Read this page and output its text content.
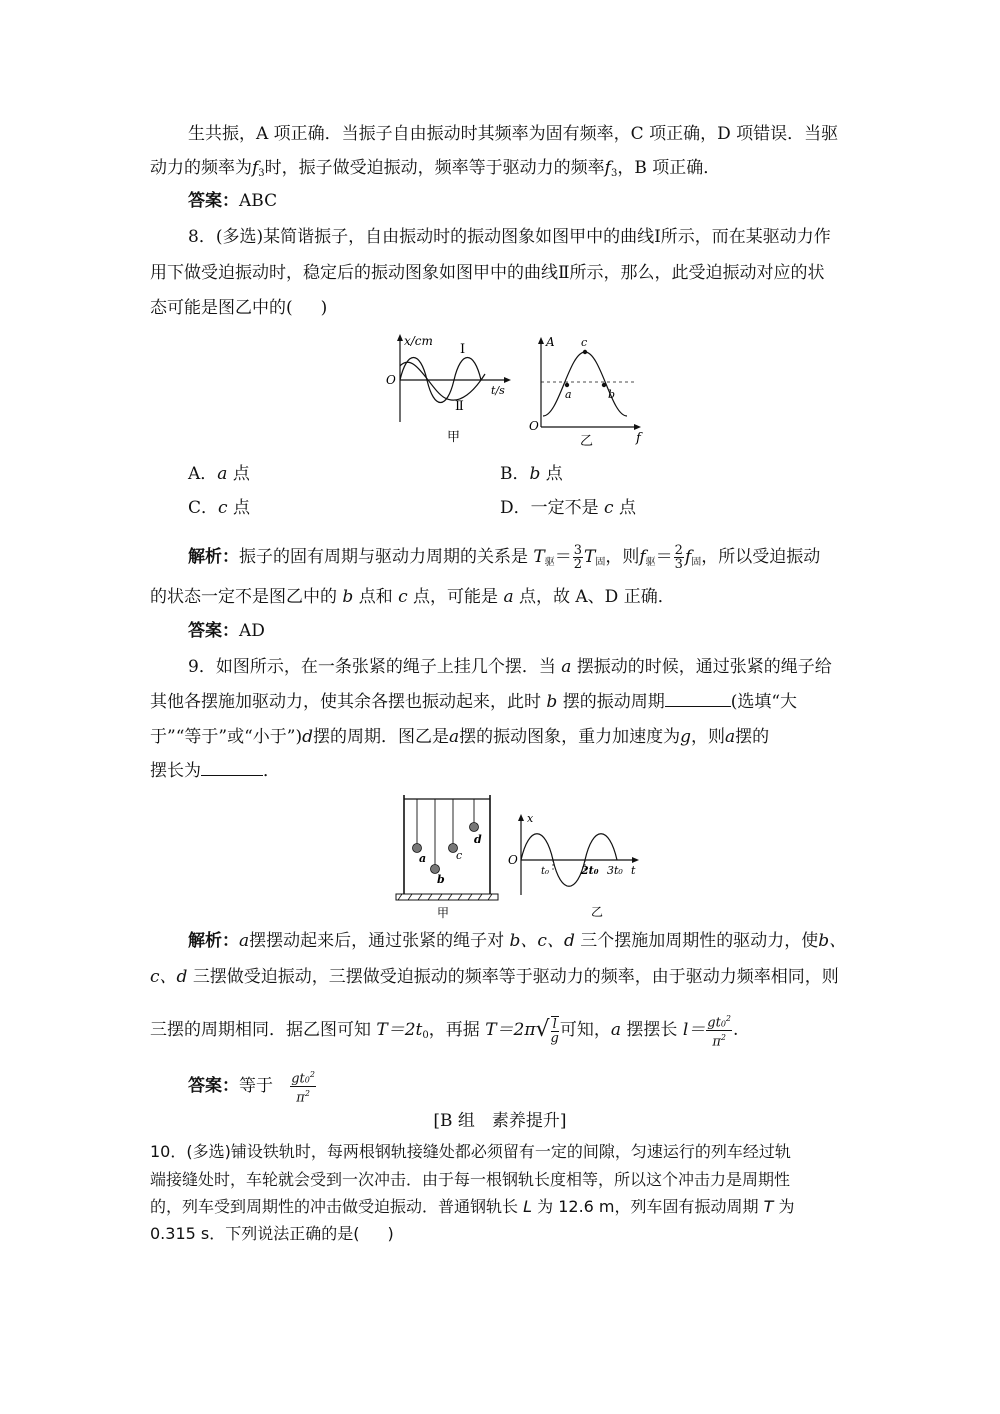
生共振，A 项正确．当振子自由振动时其频率为固有频率，C 项正确，D 项错误．当驱
动力的频率为$f_3$时，振子做受迫振动，频率等于驱动力的频率$f_3$，B 项正确．
答案：ABC
8．(多选)某简谐振子，自由振动时的振动图象如图甲中的曲线Ⅰ所示，而在某驱动力作
用下做受迫振动时，稳定后的振动图象如图甲中的曲线Ⅱ所示，那么，此受迫振动对应的状
态可能是图乙中的( )
x/cm
O
t/s
Ⅰ
Ⅱ
甲
A
O
f
a	b
c
乙
A．a 点	B．b 点
C．c 点	D．一定不是 c 点
解析：振子的固有周期与驱动力周期的关系是 $T_驱= \frac{3}{2} T_固$，则$f_驱= \frac{2}{3} f_固$，所以受迫振动
的状态一定不是图乙中的 b 点和 c 点，可能是 a 点，故 A、D 正确．
答案：AD
9．如图所示，在一条张紧的绳子上挂几个摆．当 a 摆振动的时候，通过张紧的绳子给
其他各摆施加驱动力，使其余各摆也振动起来，此时 b 摆的振动周期	(选填“大
于”“等于”或“小于”)d摆的周期．图乙是a摆的振动图象，重力加速度为g，则a摆的
摆长为	．
a
b
c
d
甲
x
O
t₀	2t₀ 3t₀ t
乙
解析：a摆摆动起来后，通过张紧的绳子对 b、c、d 三个摆施加周期性的驱动力，使b、
c、d 三摆做受迫振动，三摆做受迫振动的频率等于驱动力的频率，由于驱动力频率相同，则
三摆的周期相同．据乙图可知 $T=2t_0$，再据 $T=2\pi√ \frac{l}{g}$ 可知，a 摆摆长 $l= \frac{gt0^2}{\pi^2}$ .
答案：等于 $\frac{gt0^2}{\pi^2}$
[B 组　素养提升]
10．(多选)铺设铁轨时，每两根钢轨接缝处都必须留有一定的间隙，匀速运行的列车经过轨
端接缝处时，车轮就会受到一次冲击．由于每一根钢轨长度相等，所以这个冲击力是周期性
的，列车受到周期性的冲击做受迫振动．普通钢轨长 L 为 12.6 m，列车固有振动周期 T 为
0.315 s．下列说法正确的是( )
